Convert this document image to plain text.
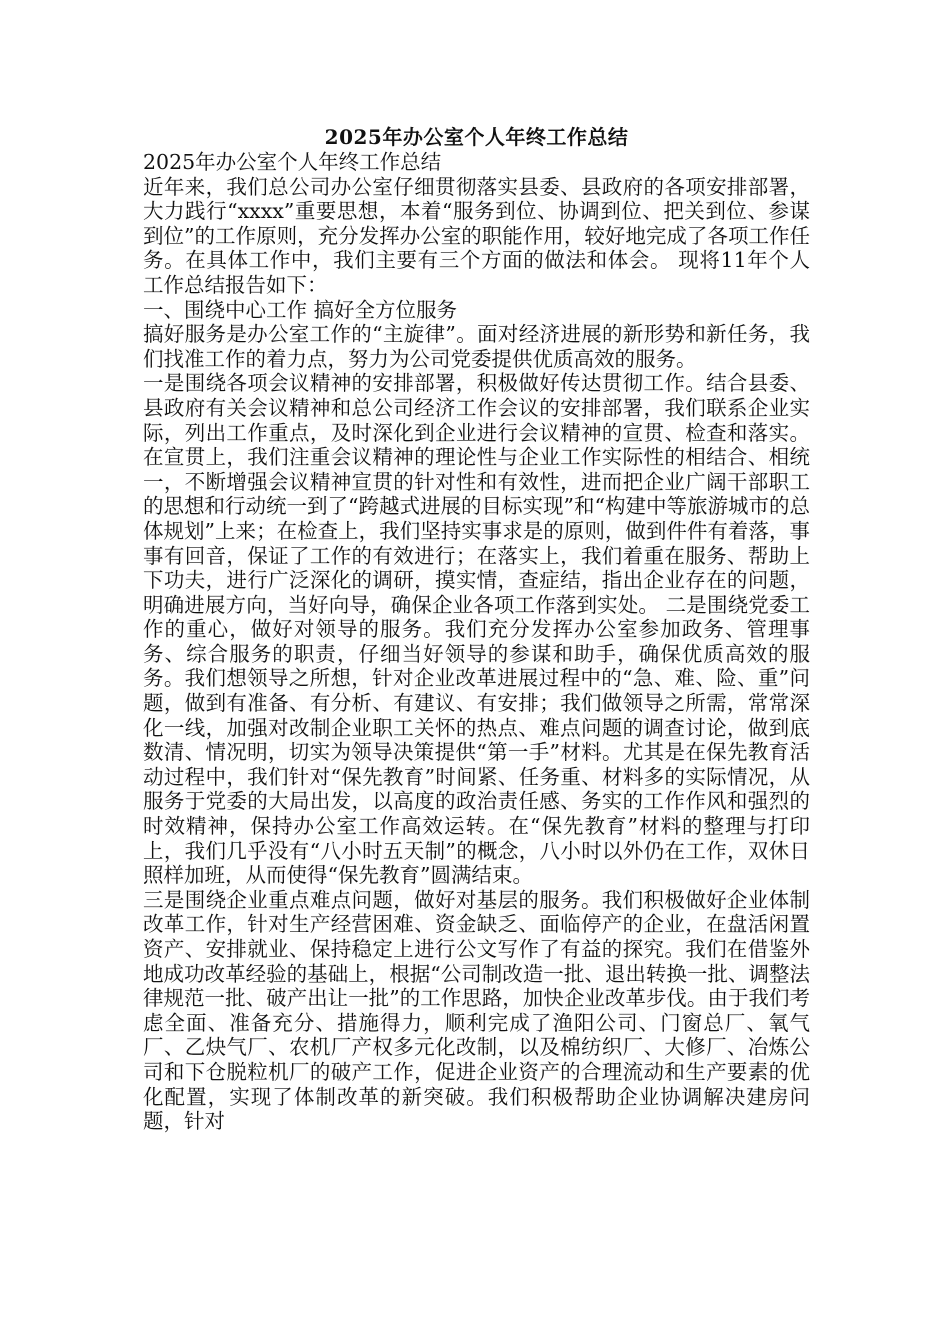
2025年办公室个人年终工作总结

2025年办公室个人年终工作总结

近年来，我们总公司办公室仔细贯彻落实县委、县政府的各项安排部署，大力践行“xxxx”重要思想，本着“服务到位、协调到位、把关到位、参谋到位”的工作原则，充分发挥办公室的职能作用，较好地完成了各项工作任务。在具体工作中，我们主要有三个方面的做法和体会。 现将11年个人工作总结报告如下：

一、围绕中心工作 搞好全方位服务

搞好服务是办公室工作的“主旋律”。面对经济进展的新形势和新任务，我们找准工作的着力点，努力为公司党委提供优质高效的服务。

一是围绕各项会议精神的安排部署，积极做好传达贯彻工作。结合县委、县政府有关会议精神和总公司经济工作会议的安排部署，我们联系企业实际，列出工作重点，及时深化到企业进行会议精神的宣贯、检查和落实。在宣贯上，我们注重会议精神的理论性与企业工作实际性的相结合、相统一，不断增强会议精神宣贯的针对性和有效性，进而把企业广阔干部职工的思想和行动统一到了“跨越式进展的目标实现”和“构建中等旅游城市的总体规划”上来；在检查上，我们坚持实事求是的原则，做到件件有着落，事事有回音，保证了工作的有效进行；在落实上，我们着重在服务、帮助上下功夫，进行广泛深化的调研，摸实情，查症结，指出企业存在的问题，明确进展方向，当好向导，确保企业各项工作落到实处。 二是围绕党委工作的重心，做好对领导的服务。我们充分发挥办公室参加政务、管理事务、综合服务的职责，仔细当好领导的参谋和助手，确保优质高效的服务。我们想领导之所想，针对企业改革进展过程中的“急、难、险、重”问题，做到有准备、有分析、有建议、有安排；我们做领导之所需，常常深化一线，加强对改制企业职工关怀的热点、难点问题的调查讨论，做到底数清、情况明，切实为领导决策提供“第一手”材料。尤其是在保先教育活动过程中，我们针对“保先教育”时间紧、任务重、材料多的实际情况，从服务于党委的大局出发，以高度的政治责任感、务实的工作作风和强烈的时效精神，保持办公室工作高效运转。在“保先教育”材料的整理与打印上，我们几乎没有“八小时五天制”的概念，八小时以外仍在工作，双休日照样加班，从而使得“保先教育”圆满结束。

三是围绕企业重点难点问题，做好对基层的服务。我们积极做好企业体制改革工作，针对生产经营困难、资金缺乏、面临停产的企业，在盘活闲置资产、安排就业、保持稳定上进行公文写作了有益的探究。我们在借鉴外地成功改革经验的基础上，根据“公司制改造一批、退出转换一批、调整法律规范一批、破产出让一批”的工作思路，加快企业改革步伐。由于我们考虑全面、准备充分、措施得力，顺利完成了渔阳公司、门窗总厂、氧气厂、乙炔气厂、农机厂产权多元化改制，以及棉纺织厂、大修厂、冶炼公司和下仓脱粒机厂的破产工作，促进企业资产的合理流动和生产要素的优化配置，实现了体制改革的新突破。我们积极帮助企业协调解决建房问题，针对
